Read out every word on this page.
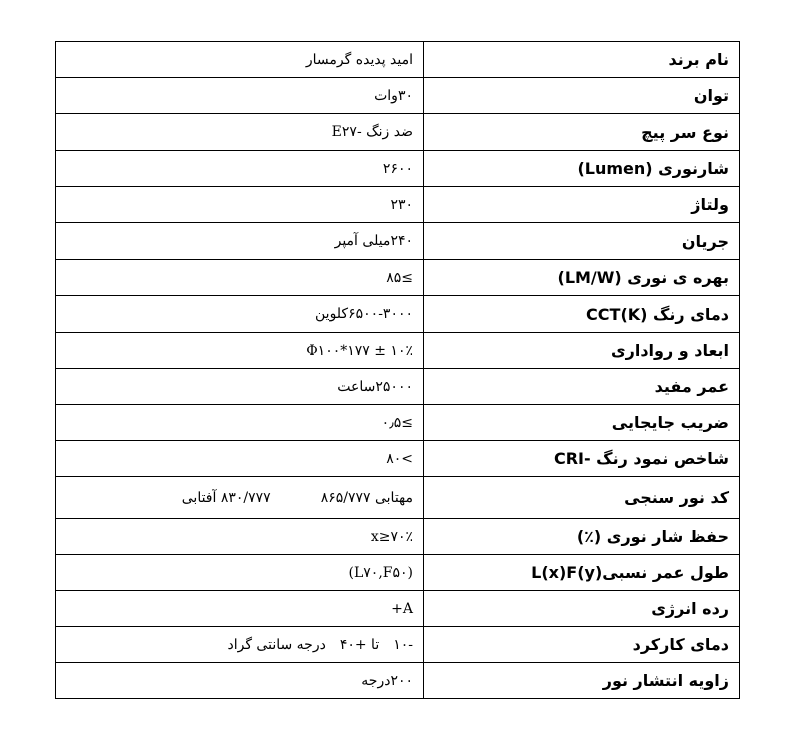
نام برند	امید پدیده گرمسار
توان	۳۰وات
نوع سر پیچ	ضد زنگ -E۲۷
شارنوری (Lumen)	۲۶۰۰
ولتاژ	۲۳۰
جریان	۲۴۰میلی آمپر
بهره ی نوری (LM/W)	≥۸۵
دمای رنگ CCT(K)	۶۵۰۰-۳۰۰۰کلوین
ابعاد و رواداری	Φ۱۰۰*۱۷۷ ± ۱۰٪
عمر مفید	۲۵۰۰۰ساعت
ضریب جایجایی	≥۰٫۵
شاخص نمود رنگ -CRI	>۸۰
کد نور سنجی	مهتابی ۸۶۵/۷۷۷۸۳۰/۷۷۷ آفتابی
حفظ شار نوری (٪)	x≥۷۰٪
طول عمر نسبیL(x)F(y)	(L۷۰,F۵۰)
رده انرژی	A+
دمای کارکرد	-۱۰تا +۴۰درجه سانتی گراد
زاویه انتشار نور	۲۰۰درجه
